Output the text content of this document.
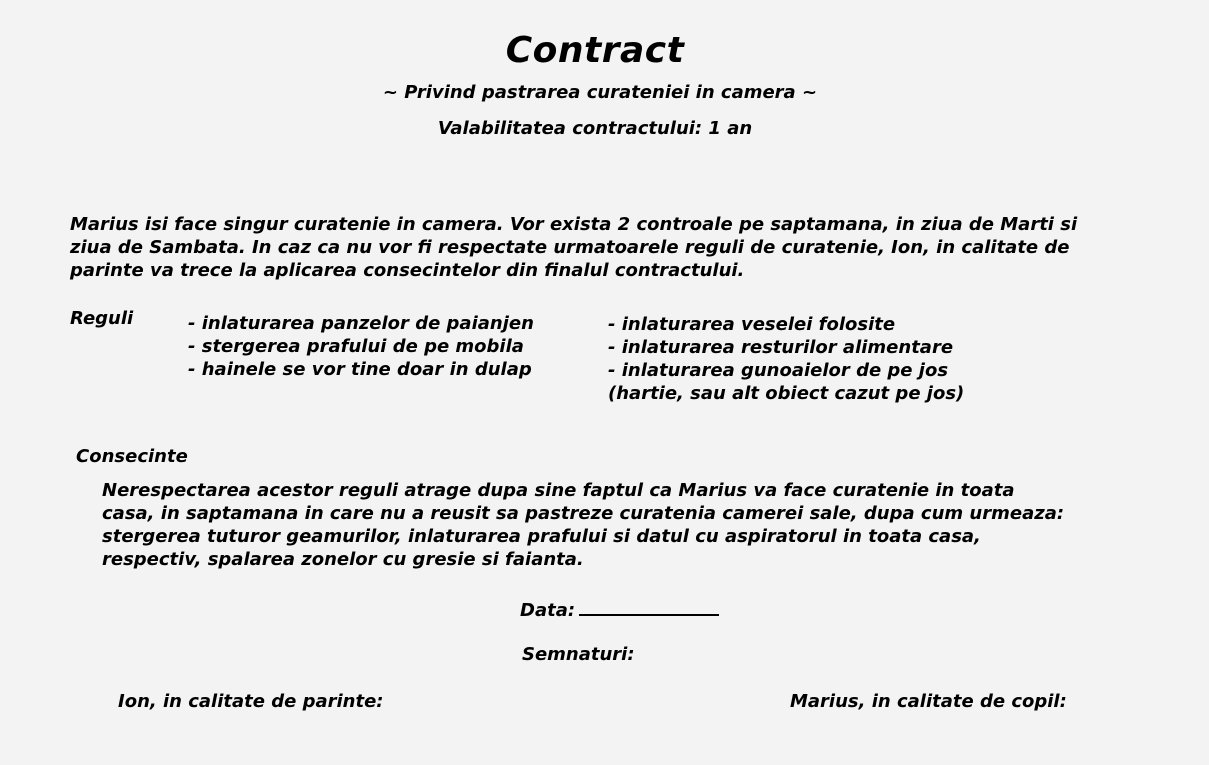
Contract
~ Privind pastrarea curateniei in camera ~
Valabilitatea contractului: 1 an
Marius isi face singur curatenie in camera. Vor exista 2 controale pe saptamana, in ziua de Marti si
ziua de Sambata. In caz ca nu vor fi respectate urmatoarele reguli de curatenie, Ion, in calitate de
parinte va trece la aplicarea consecintelor din finalul contractului.
Reguli	- inlaturarea panzelor de paianjen
- stergerea prafului de pe mobila
- hainele se vor tine doar in dulap
- inlaturarea veselei folosite
- inlaturarea resturilor alimentare
- inlaturarea gunoaielor de pe jos
(hartie, sau alt obiect cazut pe jos)
Consecinte
Nerespectarea acestor reguli atrage dupa sine faptul ca Marius va face curatenie in toata
casa, in saptamana in care nu a reusit sa pastreze curatenia camerei sale, dupa cum urmeaza:
stergerea tuturor geamurilor, inlaturarea prafului si datul cu aspiratorul in toata casa,
respectiv, spalarea zonelor cu gresie si faianta.
Data:
Semnaturi:
Ion, in calitate de parinte:	Marius, in calitate de copil:
